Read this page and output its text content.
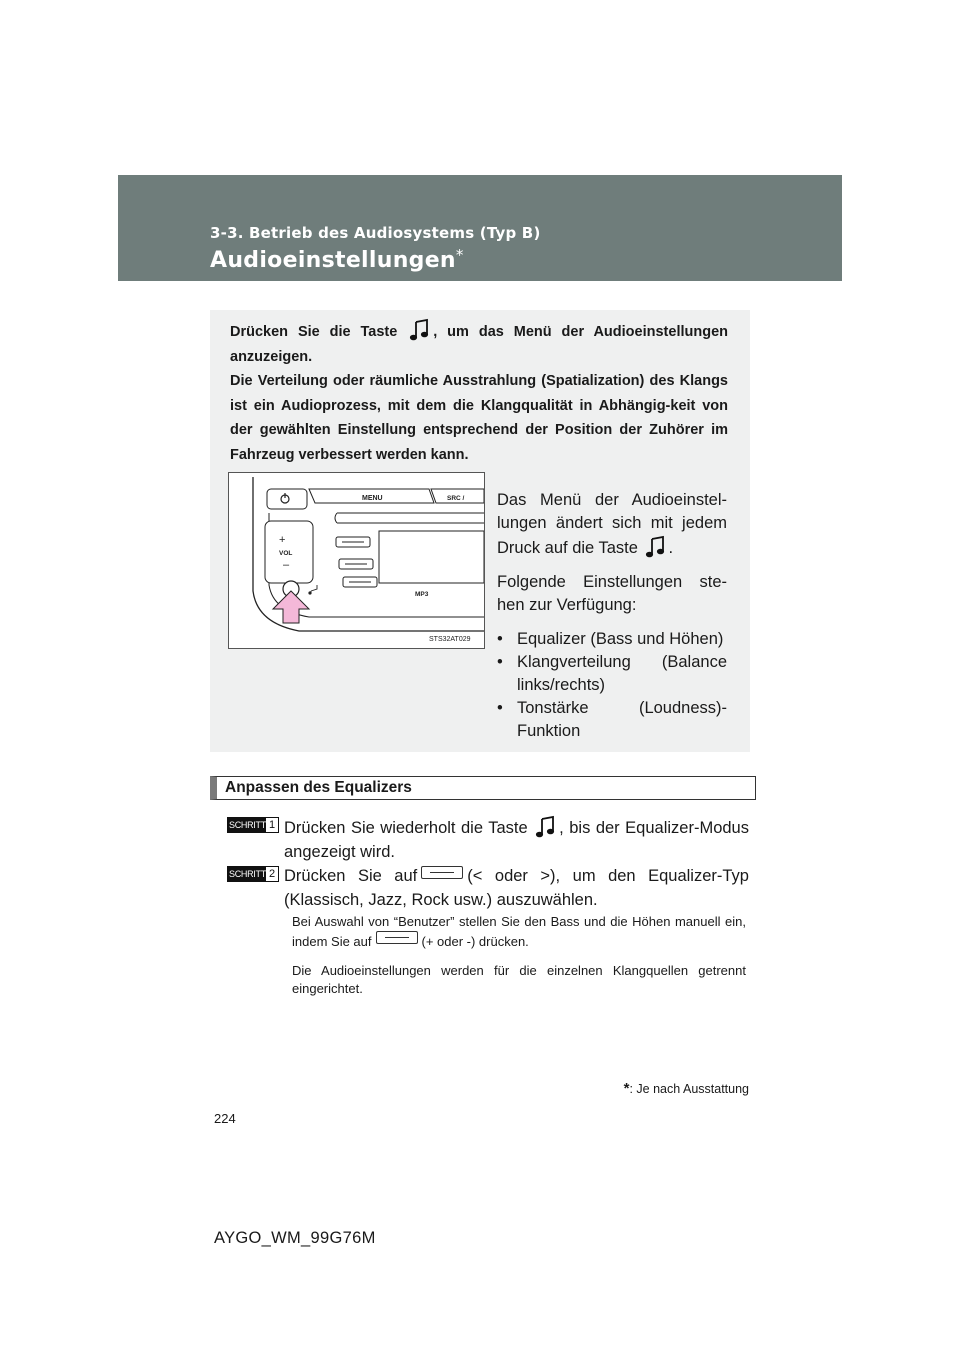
3-3. Betrieb des Audiosystems (Typ B)
Audioeinstellungen*
Drücken Sie die Taste , um das Menü der Audioeinstellungen anzuzeigen.
Die Verteilung oder räumliche Ausstrahlung (Spatialization) des Klangs ist ein Audioprozess, mit dem die Klangqualität in Abhängig-keit von der gewählten Einstellung entsprechend der Position der Zuhörer im Fahrzeug verbessert werden kann.
MENU	SRC /
+
VOL
–
MP3
STS32AT029

Das Menü der Audioeinstel-lungen ändert sich mit jedem Druck auf die Taste .

Folgende Einstellungen ste-hen zur Verfügung:

• Equalizer (Bass und Höhen)
• Klangverteilung (Balance links/rechts)
• Tonstärke (Loudness)-Funktion
Anpassen des Equalizers
SCHRITT 1 Drücken Sie wiederholt die Taste , bis der Equalizer-Modus angezeigt wird.
SCHRITT 2 Drücken Sie auf	(< oder >), um den Equalizer-Typ (Klassisch, Jazz, Rock usw.) auszuwählen.
Bei Auswahl von “Benutzer” stellen Sie den Bass und die Höhen manuell ein, indem Sie auf	(+ oder -) drücken.
Die Audioeinstellungen werden für die einzelnen Klangquellen getrennt eingerichtet.
*: Je nach Ausstattung
224
AYGO_WM_99G76M
